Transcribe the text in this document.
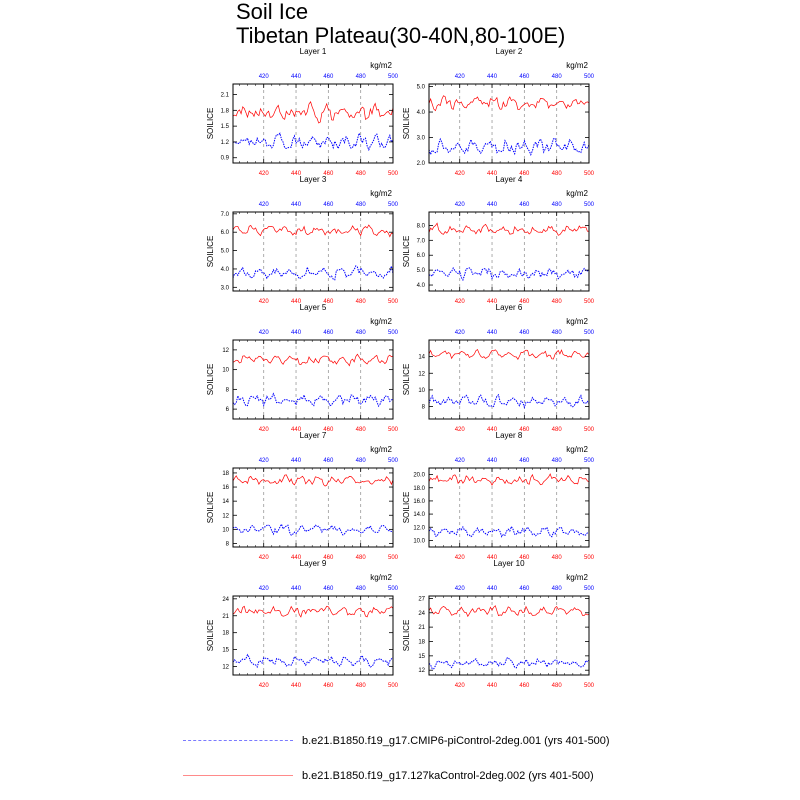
Soil Ice
Tibetan Plateau(30-40N,80-100E)
Layer 1
kg/m2
420
420
440
440
460
460
480
480
500
500
0.9
1.2
1.5
1.8
2.1
SOILICE
Layer 2
kg/m2
420
420
440
440
460
460
480
480
500
500
2.0
3.0
4.0
5.0
SOILICE
Layer 3
kg/m2
420
420
440
440
460
460
480
480
500
500
3.0
4.0
5.0
6.0
7.0
SOILICE
Layer 4
kg/m2
420
420
440
440
460
460
480
480
500
500
4.0
5.0
6.0
7.0
8.0
SOILICE
Layer 5
kg/m2
420
420
440
440
460
460
480
480
500
500
6
8
10
12
SOILICE
Layer 6
kg/m2
420
420
440
440
460
460
480
480
500
500
8
10
12
14
SOILICE
Layer 7
kg/m2
420
420
440
440
460
460
480
480
500
500
8
10
12
14
16
18
SOILICE
Layer 8
kg/m2
420
420
440
440
460
460
480
480
500
500
10.0
12.0
14.0
16.0
18.0
20.0
SOILICE
Layer 9
kg/m2
420
420
440
440
460
460
480
480
500
500
12
15
18
21
24
SOILICE
Layer 10
kg/m2
420
420
440
440
460
460
480
480
500
500
12
15
18
21
24
27
SOILICE
b.e21.B1850.f19_g17.CMIP6-piControl-2deg.001 (yrs 401-500)
b.e21.B1850.f19_g17.127kaControl-2deg.002 (yrs 401-500)
